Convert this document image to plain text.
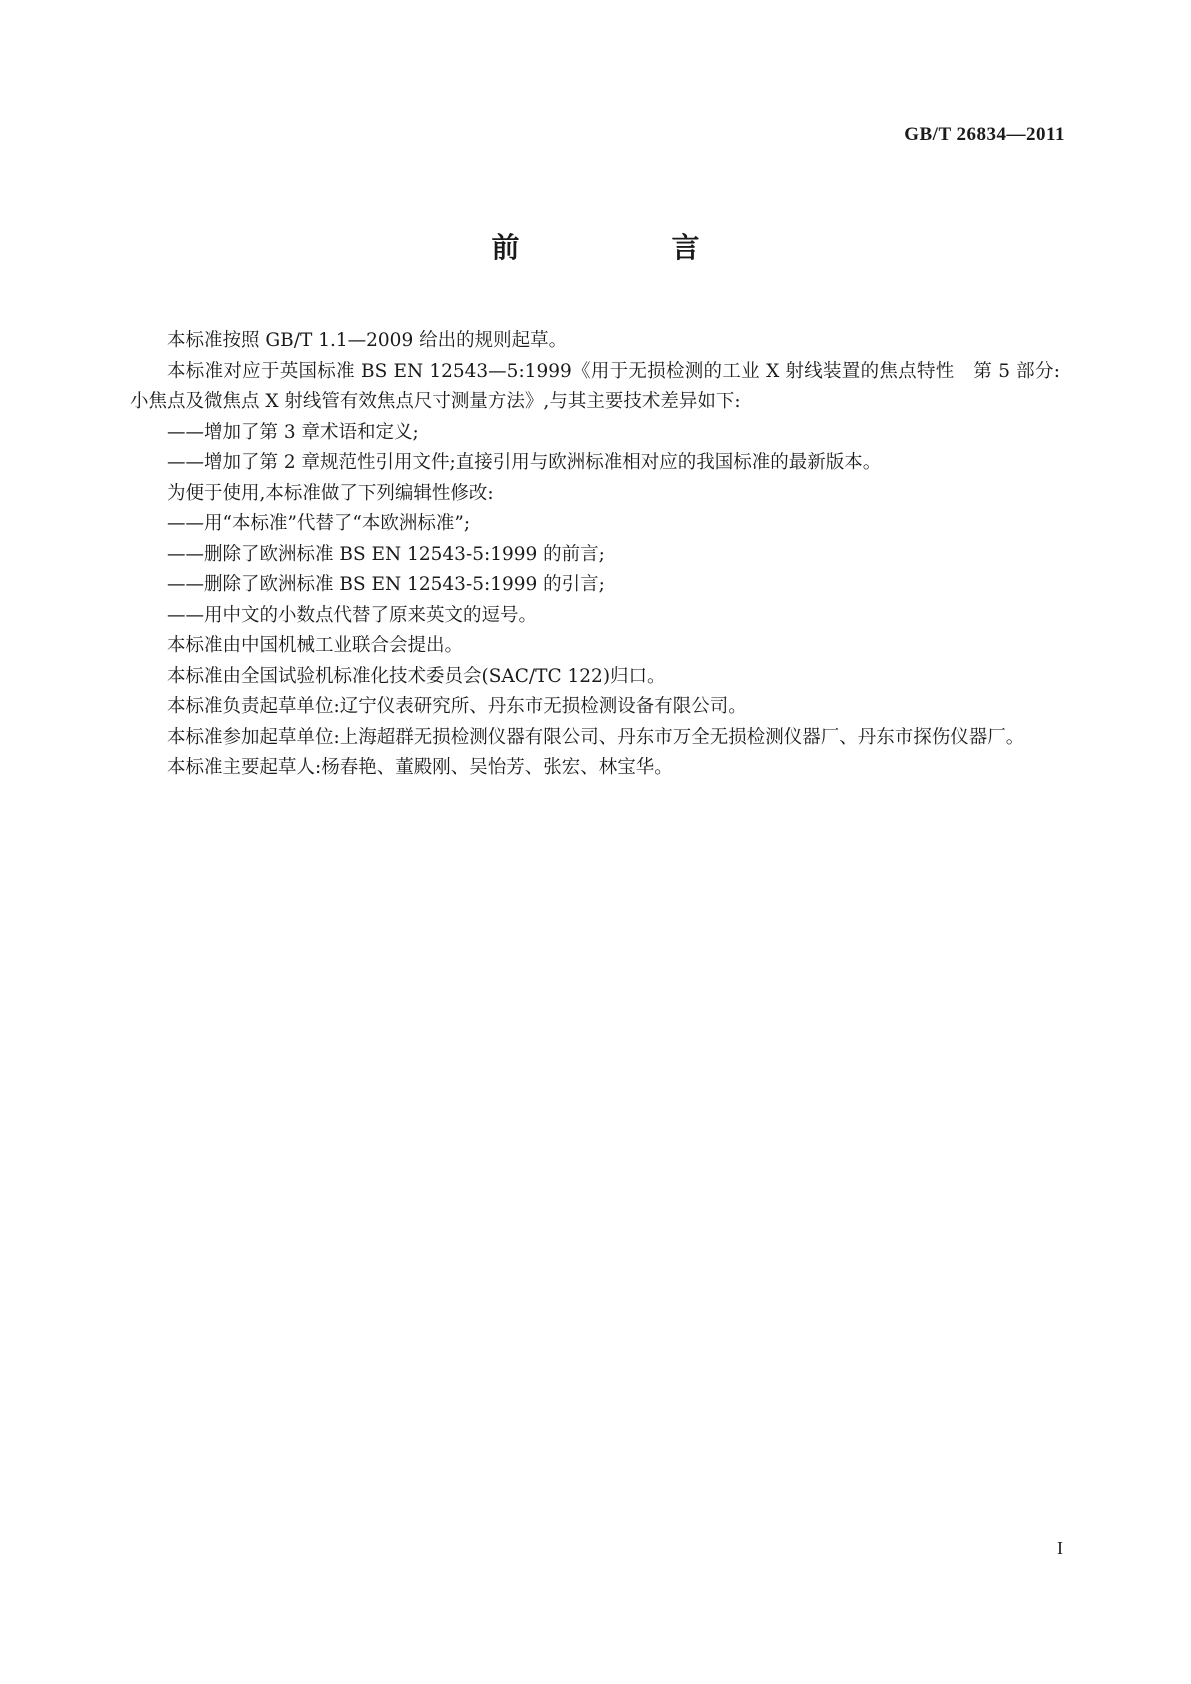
GB/T 26834—2011
前　言

本标准按照 GB/T 1.1—2009 给出的规则起草。

本标准对应于英国标准 BS EN 12543—5:1999《用于无损检测的工业 X 射线装置的焦点特性　第 5 部分:小焦点及微焦点 X 射线管有效焦点尺寸测量方法》,与其主要技术差异如下:

——增加了第 3 章术语和定义;

——增加了第 2 章规范性引用文件;直接引用与欧洲标准相对应的我国标准的最新版本。

为便于使用,本标准做了下列编辑性修改:

——用“本标准”代替了“本欧洲标准”;

——删除了欧洲标准 BS EN 12543-5:1999 的前言;

——删除了欧洲标准 BS EN 12543-5:1999 的引言;

——用中文的小数点代替了原来英文的逗号。

本标准由中国机械工业联合会提出。

本标准由全国试验机标准化技术委员会(SAC/TC 122)归口。

本标准负责起草单位:辽宁仪表研究所、丹东市无损检测设备有限公司。

本标准参加起草单位:上海超群无损检测仪器有限公司、丹东市万全无损检测仪器厂、丹东市探伤仪器厂。

本标准主要起草人:杨春艳、董殿刚、吴怡芳、张宏、林宝华。

I
